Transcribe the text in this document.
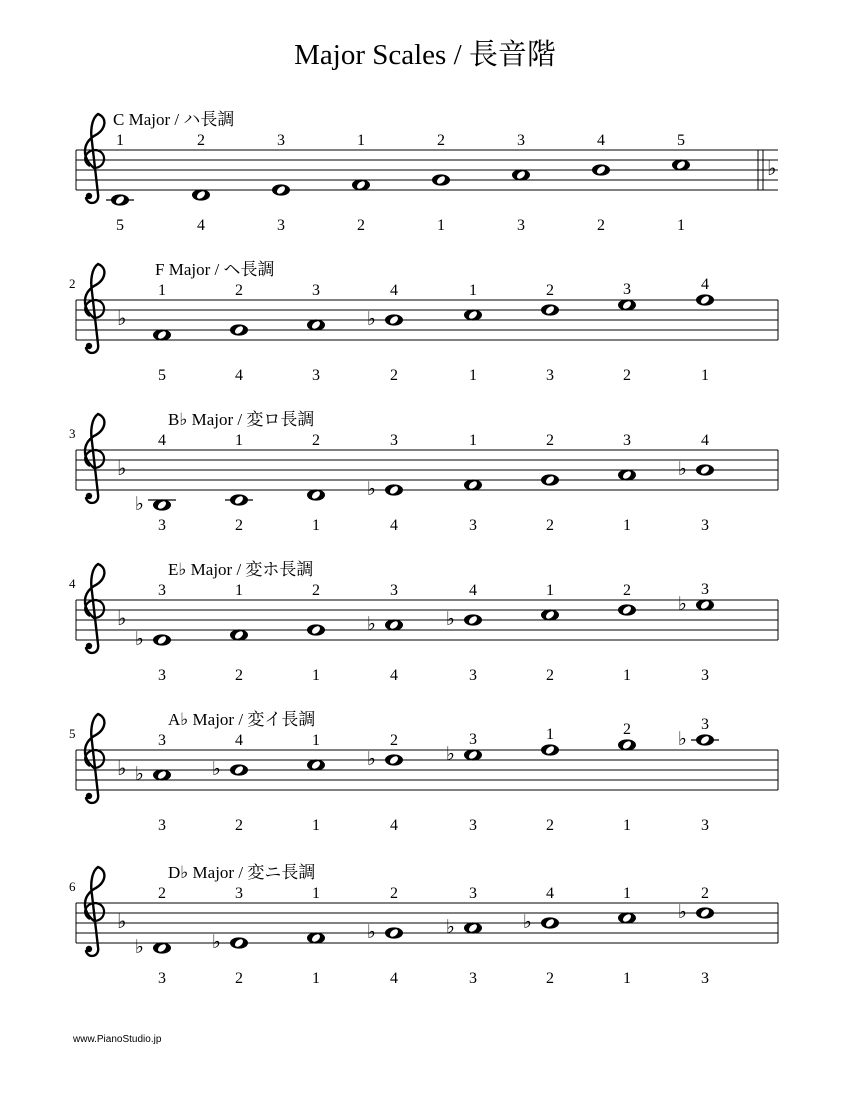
Major Scales / 長音階
C Major / ハ長調
♭
1
5
2
4
3
3
1
2
2
1
3
3
4
2
5
1
2
F Major / ヘ長調
♭
1
5
2
4
3
3
♭
4
2
1
1
2
3
3
2
4
1
3
B♭ Major / 変ロ長調
♭
♭
4
3
1
2
2
1
♭
3
4
1
3
2
2
3
1
♭
4
3
4
E♭ Major / 変ホ長調
♭
♭
3
3
1
2
2
1
♭
3
4
♭
4
3
1
2
2
1
♭
3
3
5
A♭ Major / 変イ長調
♭ ♭
3
3
♭
4
2
1
1
♭
2
4
♭
3
3
1
2
2
1
♭
3
3
6
D♭ Major / 変ニ長調
♭
♭
2
3
♭
3
2
1
1
♭
2
4
♭
3
3
♭
4
2
1
1
♭
2
3
www.PianoStudio.jp
